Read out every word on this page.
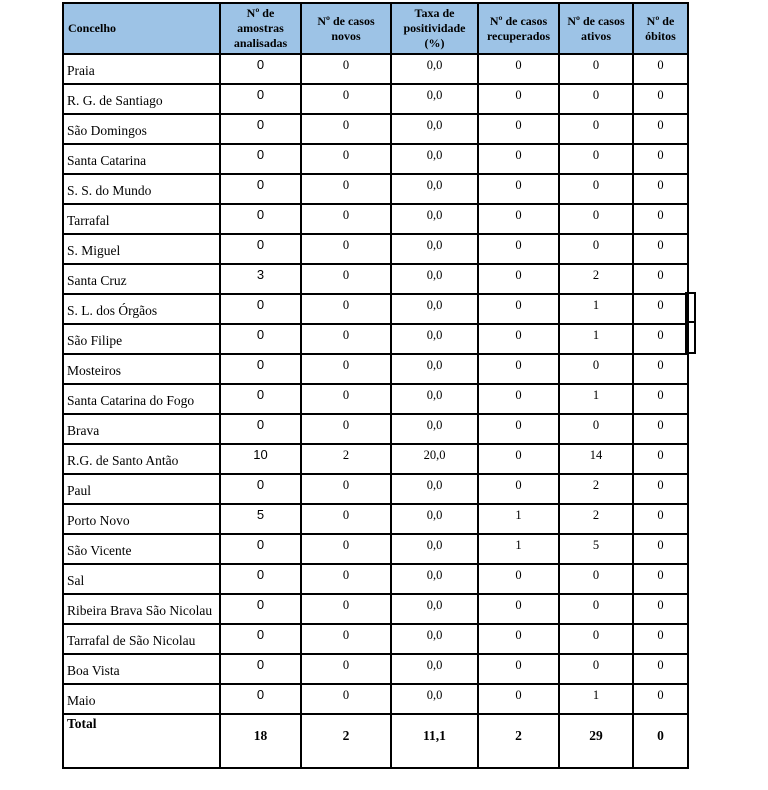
Concelho	Nº de amostras analisadas	Nº de casos novos	Taxa de positividade (%)	Nº de casos recuperados	Nº de casos ativos	Nº de óbitos
Praia	0	0	0,0	0	0	0
R. G. de Santiago	0	0	0,0	0	0	0
São Domingos	0	0	0,0	0	0	0
Santa Catarina	0	0	0,0	0	0	0
S. S. do Mundo	0	0	0,0	0	0	0
Tarrafal	0	0	0,0	0	0	0
S. Miguel	0	0	0,0	0	0	0
Santa Cruz	3	0	0,0	0	2	0
S. L. dos Órgãos	0	0	0,0	0	1	0
São Filipe	0	0	0,0	0	1	0
Mosteiros	0	0	0,0	0	0	0
Santa Catarina do Fogo	0	0	0,0	0	1	0
Brava	0	0	0,0	0	0	0
R.G. de Santo Antão	10	2	20,0	0	14	0
Paul	0	0	0,0	0	2	0
Porto Novo	5	0	0,0	1	2	0
São Vicente	0	0	0,0	1	5	0
Sal	0	0	0,0	0	0	0
Ribeira Brava São Nicolau	0	0	0,0	0	0	0
Tarrafal de São Nicolau	0	0	0,0	0	0	0
Boa Vista	0	0	0,0	0	0	0
Maio	0	0	0,0	0	1	0
Total	18	2	11,1	2	29	0
